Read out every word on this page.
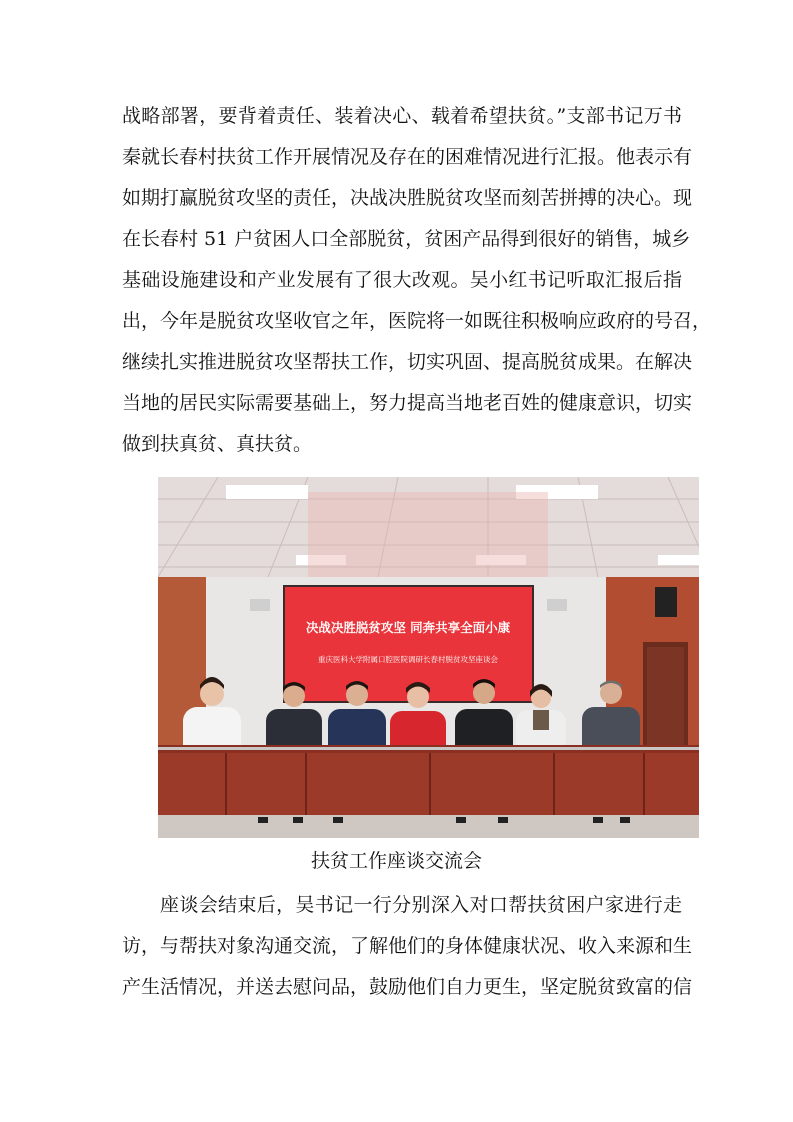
战略部署，要背着责任、装着决心、载着希望扶贫。”支部书记万书
秦就长春村扶贫工作开展情况及存在的困难情况进行汇报。他表示有
如期打赢脱贫攻坚的责任，决战决胜脱贫攻坚而刻苦拼搏的决心。现
在长春村 51 户贫困人口全部脱贫，贫困产品得到很好的销售，城乡
基础设施建设和产业发展有了很大改观。吴小红书记听取汇报后指
出，今年是脱贫攻坚收官之年，医院将一如既往积极响应政府的号召，
继续扎实推进脱贫攻坚帮扶工作，切实巩固、提高脱贫成果。在解决
当地的居民实际需要基础上，努力提高当地老百姓的健康意识，切实
做到扶真贫、真扶贫。
决战决胜脱贫攻坚 同奔共享全面小康
重庆医科大学附属口腔医院调研长春村脱贫攻坚座谈会
扶贫工作座谈交流会
座谈会结束后，吴书记一行分别深入对口帮扶贫困户家进行走
访，与帮扶对象沟通交流，了解他们的身体健康状况、收入来源和生
产生活情况，并送去慰问品，鼓励他们自力更生，坚定脱贫致富的信
